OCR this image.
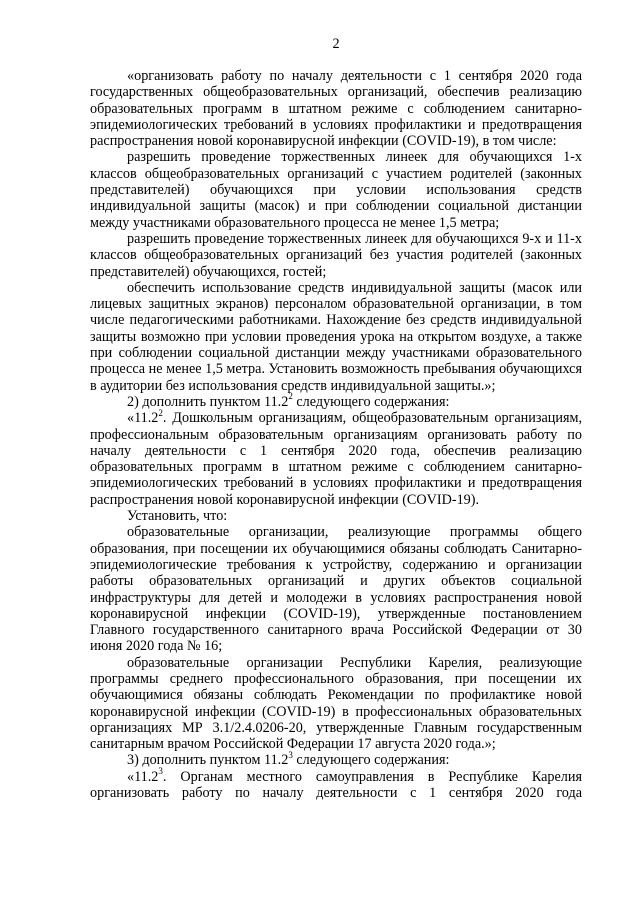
2

«организовать работу по началу деятельности с 1 сентября 2020 года государственных общеобразовательных организаций, обеспечив реализацию образовательных программ в штатном режиме с соблюдением санитарно-эпидемиологических требований в условиях профилактики и предотвращения распространения новой коронавирусной инфекции (COVID-19), в том числе:

разрешить проведение торжественных линеек для обучающихся 1-х классов общеобразовательных организаций с участием родителей (законных представителей) обучающихся при условии использования средств индивидуальной защиты (масок) и при соблюдении социальной дистанции между участниками образовательного процесса не менее 1,5 метра;

разрешить проведение торжественных линеек для обучающихся 9-х и 11-х классов общеобразовательных организаций без участия родителей (законных представителей) обучающихся, гостей;

обеспечить использование средств индивидуальной защиты (масок или лицевых защитных экранов) персоналом образовательной организации, в том числе педагогическими работниками. Нахождение без средств индивидуальной защиты возможно при условии проведения урока на открытом воздухе, а также при соблюдении социальной дистанции между участниками образовательного процесса не менее 1,5 метра. Установить возможность пребывания обучающихся в аудитории без использования средств индивидуальной защиты.»;

2) дополнить пунктом 11.2$^2$ следующего содержания:

«11.2$^2$. Дошкольным организациям, общеобразовательным организациям, профессиональным образовательным организациям организовать работу по началу деятельности с 1 сентября 2020 года, обеспечив реализацию образовательных программ в штатном режиме с соблюдением санитарно-эпидемиологических требований в условиях профилактики и предотвращения распространения новой коронавирусной инфекции (COVID-19).

Установить, что:

образовательные организации, реализующие программы общего образования, при посещении их обучающимися обязаны соблюдать Санитарно-эпидемиологические требования к устройству, содержанию и организации работы образовательных организаций и других объектов социальной инфраструктуры для детей и молодежи в условиях распространения новой коронавирусной инфекции (COVID-19), утвержденные постановлением Главного государственного санитарного врача Российской Федерации от 30 июня 2020 года № 16;

образовательные организации Республики Карелия, реализующие программы среднего профессионального образования, при посещении их обучающимися обязаны соблюдать Рекомендации по профилактике новой коронавирусной инфекции (COVID-19) в профессиональных образовательных организациях МР 3.1/2.4.0206-20, утвержденные Главным государственным санитарным врачом Российской Федерации 17 августа 2020 года.»;

3) дополнить пунктом 11.2$^3$ следующего содержания:

«11.2$^3$. Органам местного самоуправления в Республике Карелия организовать работу по началу деятельности с 1 сентября 2020 года
